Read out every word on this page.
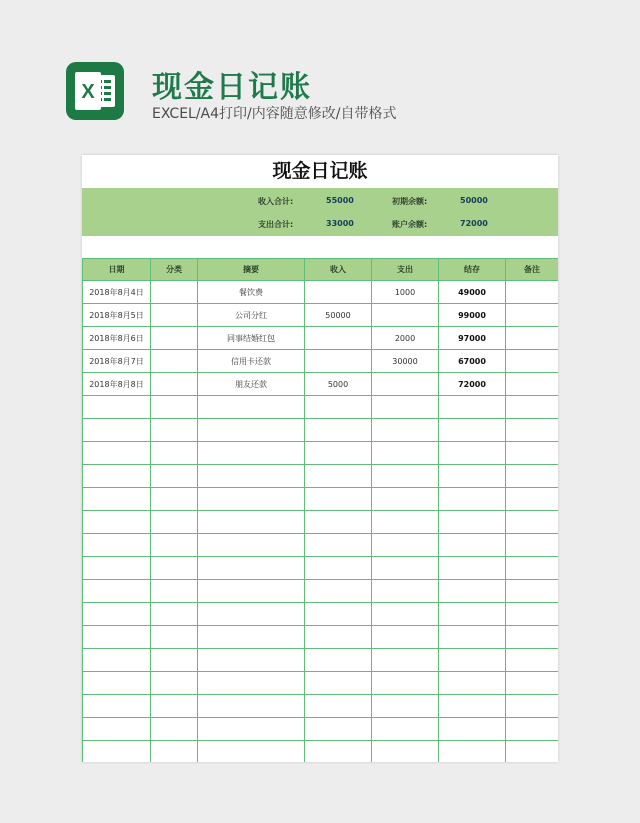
X 现金日记账
EXCEL/A4打印/内容随意修改/自带格式
现金日记账
收入合计:	55000	初期余额:	50000
支出合计:	33000	账户余额:	72000
日期	分类	摘要	收入	支出	结存	备注
2018年8月4日		餐饮费		1000	49000	
2018年8月5日		公司分红	50000		99000	
2018年8月6日		同事结婚红包		2000	97000	
2018年8月7日		信用卡还款		30000	67000	
2018年8月8日		朋友还款	5000		72000	
